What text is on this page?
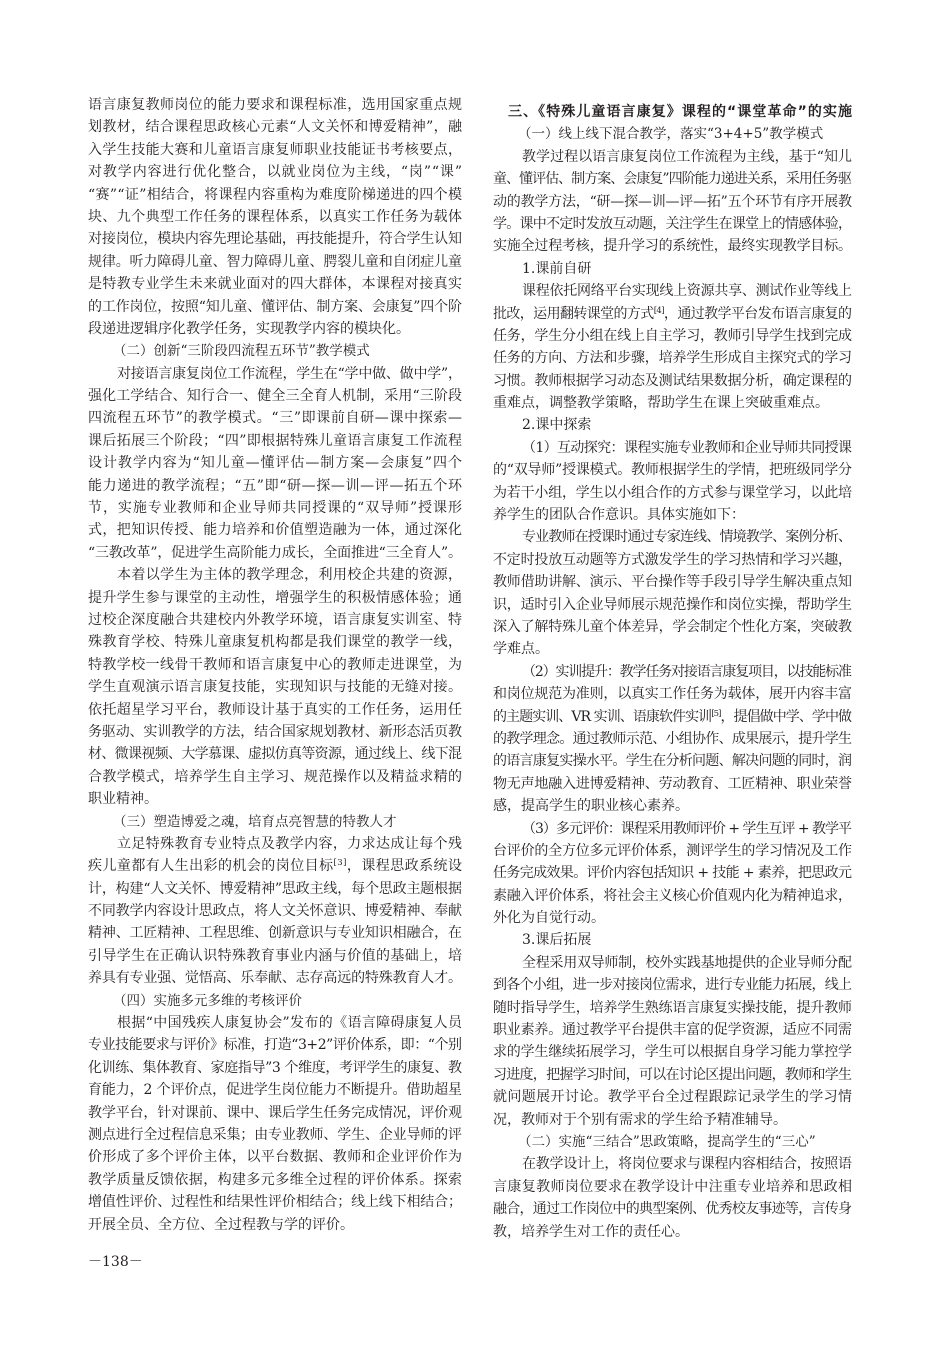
语言康复教师岗位的能力要求和课程标准，选用国家重点规
划教材，结合课程思政核心元素“人文关怀和博爱精神”，融
入学生技能大赛和儿童语言康复师职业技能证书考核要点，
对教学内容进行优化整合，以就业岗位为主线，“岗”“课”
“赛”“证”相结合，将课程内容重构为难度阶梯递进的四个模
块、九个典型工作任务的课程体系，以真实工作任务为载体
对接岗位，模块内容先理论基础，再技能提升，符合学生认知
规律。听力障碍儿童、智力障碍儿童、腭裂儿童和自闭症儿童
是特教专业学生未来就业面对的四大群体，本课程对接真实
的工作岗位，按照“知儿童、懂评估、制方案、会康复”四个阶
段递进逻辑序化教学任务，实现教学内容的模块化。
（二）创新“三阶段四流程五环节”教学模式
对接语言康复岗位工作流程，学生在“学中做、做中学”，
强化工学结合、知行合一、健全三全育人机制，采用“三阶段
四流程五环节”的教学模式。“三”即课前自研—课中探索—
课后拓展三个阶段；“四”即根据特殊儿童语言康复工作流程
设计教学内容为“知儿童—懂评估—制方案—会康复”四个
能力递进的教学流程；“五”即“研—探—训—评—拓五个环
节，实施专业教师和企业导师共同授课的“双导师”授课形
式，把知识传授、能力培养和价值塑造融为一体，通过深化
“三教改革”，促进学生高阶能力成长，全面推进“三全育人”。
本着以学生为主体的教学理念，利用校企共建的资源，
提升学生参与课堂的主动性，增强学生的积极情感体验；通
过校企深度融合共建校内外教学环境，语言康复实训室、特
殊教育学校、特殊儿童康复机构都是我们课堂的教学一线，
特教学校一线骨干教师和语言康复中心的教师走进课堂，为
学生直观演示语言康复技能，实现知识与技能的无缝对接。
依托超星学习平台，教师设计基于真实的工作任务，运用任
务驱动、实训教学的方法，结合国家规划教材、新形态活页教
材、微课视频、大学慕课、虚拟仿真等资源，通过线上、线下混
合教学模式，培养学生自主学习、规范操作以及精益求精的
职业精神。
（三）塑造博爱之魂，培育点亮智慧的特教人才
立足特殊教育专业特点及教学内容，力求达成让每个残
疾儿童都有人生出彩的机会的岗位目标[3]，课程思政系统设
计，构建“人文关怀、博爱精神”思政主线，每个思政主题根据
不同教学内容设计思政点，将人文关怀意识、博爱精神、奉献
精神、工匠精神、工程思维、创新意识与专业知识相融合，在
引导学生在正确认识特殊教育事业内涵与价值的基础上，培
养具有专业强、觉悟高、乐奉献、志存高远的特殊教育人才。
（四）实施多元多维的考核评价
根据“中国残疾人康复协会”发布的《语言障碍康复人员
专业技能要求与评价》标准，打造“3+2”评价体系，即：“个别
化训练、集体教育、家庭指导”3 个维度，考评学生的康复、教
育能力，2 个评价点，促进学生岗位能力不断提升。借助超星
教学平台，针对课前、课中、课后学生任务完成情况，评价观
测点进行全过程信息采集；由专业教师、学生、企业导师的评
价形成了多个评价主体，以平台数据、教师和企业评价作为
教学质量反馈依据，构建多元多维全过程的评价体系。探索
增值性评价、过程性和结果性评价相结合；线上线下相结合；
开展全员、全方位、全过程教与学的评价。
三、《特殊儿童语言康复》课程的“课堂革命”的实施
（一）线上线下混合教学，落实“3+4+5”教学模式
教学过程以语言康复岗位工作流程为主线，基于“知儿
童、懂评估、制方案、会康复”四阶能力递进关系，采用任务驱
动的教学方法，“研—探—训—评—拓”五个环节有序开展教
学。课中不定时发放互动题，关注学生在课堂上的情感体验，
实施全过程考核，提升学习的系统性，最终实现教学目标。
1.课前自研
课程依托网络平台实现线上资源共享、测试作业等线上
批改，运用翻转课堂的方式[4]，通过教学平台发布语言康复的
任务，学生分小组在线上自主学习，教师引导学生找到完成
任务的方向、方法和步骤，培养学生形成自主探究式的学习
习惯。教师根据学习动态及测试结果数据分析，确定课程的
重难点，调整教学策略，帮助学生在课上突破重难点。
2.课中探索
（1）互动探究：课程实施专业教师和企业导师共同授课
的“双导师”授课模式。教师根据学生的学情，把班级同学分
为若干小组，学生以小组合作的方式参与课堂学习，以此培
养学生的团队合作意识。具体实施如下：
专业教师在授课时通过专家连线、情境教学、案例分析、
不定时投放互动题等方式激发学生的学习热情和学习兴趣，
教师借助讲解、演示、平台操作等手段引导学生解决重点知
识，适时引入企业导师展示规范操作和岗位实操，帮助学生
深入了解特殊儿童个体差异，学会制定个性化方案，突破教
学难点。
（2）实训提升：教学任务对接语言康复项目，以技能标准
和岗位规范为准则，以真实工作任务为载体，展开内容丰富
的主题实训、VR 实训、语康软件实训[5]，提倡做中学、学中做
的教学理念。通过教师示范、小组协作、成果展示，提升学生
的语言康复实操水平。学生在分析问题、解决问题的同时，润
物无声地融入进博爱精神、劳动教育、工匠精神、职业荣誉
感，提高学生的职业核心素养。
（3）多元评价：课程采用教师评价 + 学生互评 + 教学平
台评价的全方位多元评价体系，测评学生的学习情况及工作
任务完成效果。评价内容包括知识 + 技能 + 素养，把思政元
素融入评价体系，将社会主义核心价值观内化为精神追求，
外化为自觉行动。
3.课后拓展
全程采用双导师制，校外实践基地提供的企业导师分配
到各个小组，进一步对接岗位需求，进行专业能力拓展，线上
随时指导学生，培养学生熟练语言康复实操技能，提升教师
职业素养。通过教学平台提供丰富的促学资源，适应不同需
求的学生继续拓展学习，学生可以根据自身学习能力掌控学
习进度，把握学习时间，可以在讨论区提出问题，教师和学生
就问题展开讨论。教学平台全过程跟踪记录学生的学习情
况，教师对于个别有需求的学生给予精准辅导。
（二）实施“三结合”思政策略，提高学生的“三心”
在教学设计上，将岗位要求与课程内容相结合，按照语
言康复教师岗位要求在教学设计中注重专业培养和思政相
融合，通过工作岗位中的典型案例、优秀校友事迹等，言传身
教，培养学生对工作的责任心。
－138－
